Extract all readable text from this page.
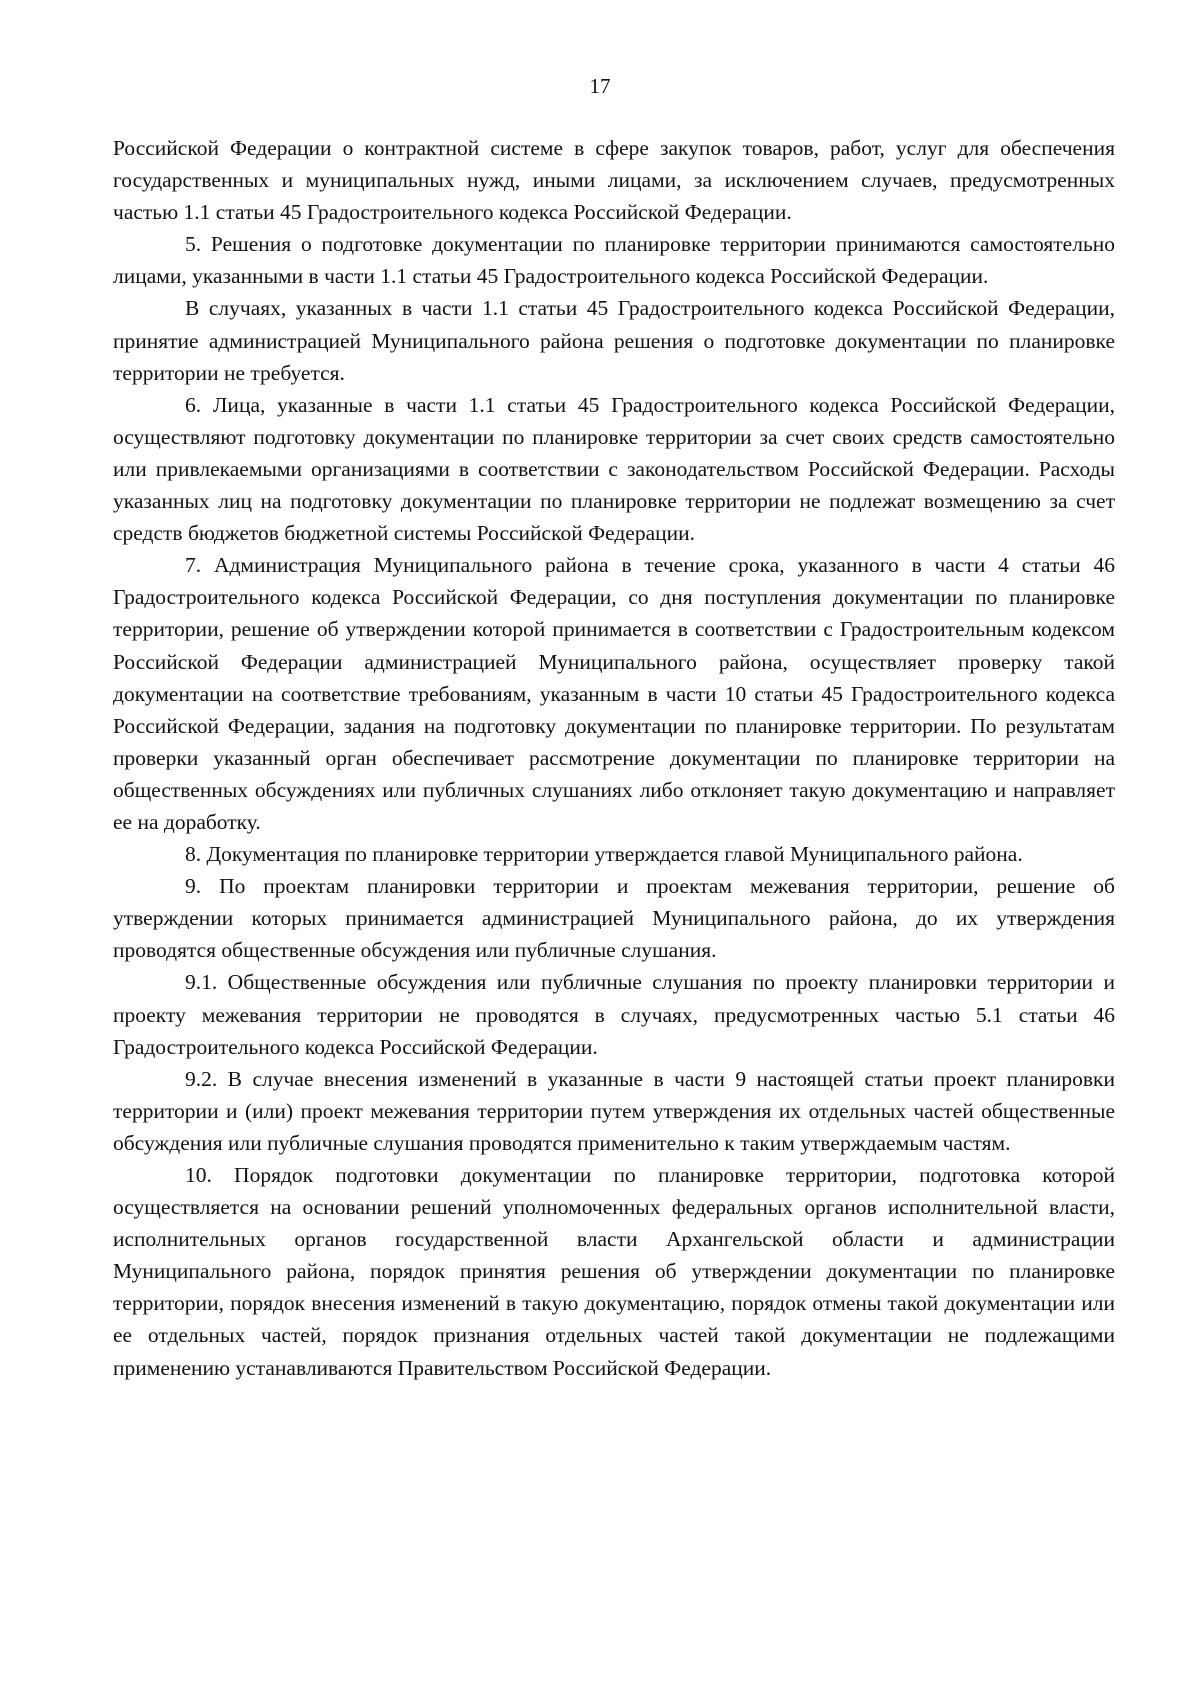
17

Российской Федерации о контрактной системе в сфере закупок товаров, работ, услуг для обеспечения государственных и муниципальных нужд, иными лицами, за исключением случаев, предусмотренных частью 1.1 статьи 45 Градостроительного кодекса Российской Федерации.

5. Решения о подготовке документации по планировке территории принимаются самостоятельно лицами, указанными в части 1.1 статьи 45 Градостроительного кодекса Российской Федерации.

В случаях, указанных в части 1.1 статьи 45 Градостроительного кодекса Российской Федерации, принятие администрацией Муниципального района решения о подготовке документации по планировке территории не требуется.

6. Лица, указанные в части 1.1 статьи 45 Градостроительного кодекса Российской Федерации, осуществляют подготовку документации по планировке территории за счет своих средств самостоятельно или привлекаемыми организациями в соответствии с законодательством Российской Федерации. Расходы указанных лиц на подготовку документации по планировке территории не подлежат возмещению за счет средств бюджетов бюджетной системы Российской Федерации.

7. Администрация Муниципального района в течение срока, указанного в части 4 статьи 46 Градостроительного кодекса Российской Федерации, со дня поступления документации по планировке территории, решение об утверждении которой принимается в соответствии с Градостроительным кодексом Российской Федерации администрацией Муниципального района, осуществляет проверку такой документации на соответствие требованиям, указанным в части 10 статьи 45 Градостроительного кодекса Российской Федерации, задания на подготовку документации по планировке территории. По результатам проверки указанный орган обеспечивает рассмотрение документации по планировке территории на общественных обсуждениях или публичных слушаниях либо отклоняет такую документацию и направляет ее на доработку.

8. Документация по планировке территории утверждается главой Муниципального района.

9. По проектам планировки территории и проектам межевания территории, решение об утверждении которых принимается администрацией Муниципального района, до их утверждения проводятся общественные обсуждения или публичные слушания.

9.1. Общественные обсуждения или публичные слушания по проекту планировки территории и проекту межевания территории не проводятся в случаях, предусмотренных частью 5.1 статьи 46 Градостроительного кодекса Российской Федерации.

9.2. В случае внесения изменений в указанные в части 9 настоящей статьи проект планировки территории и (или) проект межевания территории путем утверждения их отдельных частей общественные обсуждения или публичные слушания проводятся применительно к таким утверждаемым частям.

10. Порядок подготовки документации по планировке территории, подготовка которой осуществляется на основании решений уполномоченных федеральных органов исполнительной власти, исполнительных органов государственной власти Архангельской области и администрации Муниципального района, порядок принятия решения об утверждении документации по планировке территории, порядок внесения изменений в такую документацию, порядок отмены такой документации или ее отдельных частей, порядок признания отдельных частей такой документации не подлежащими применению устанавливаются Правительством Российской Федерации.
